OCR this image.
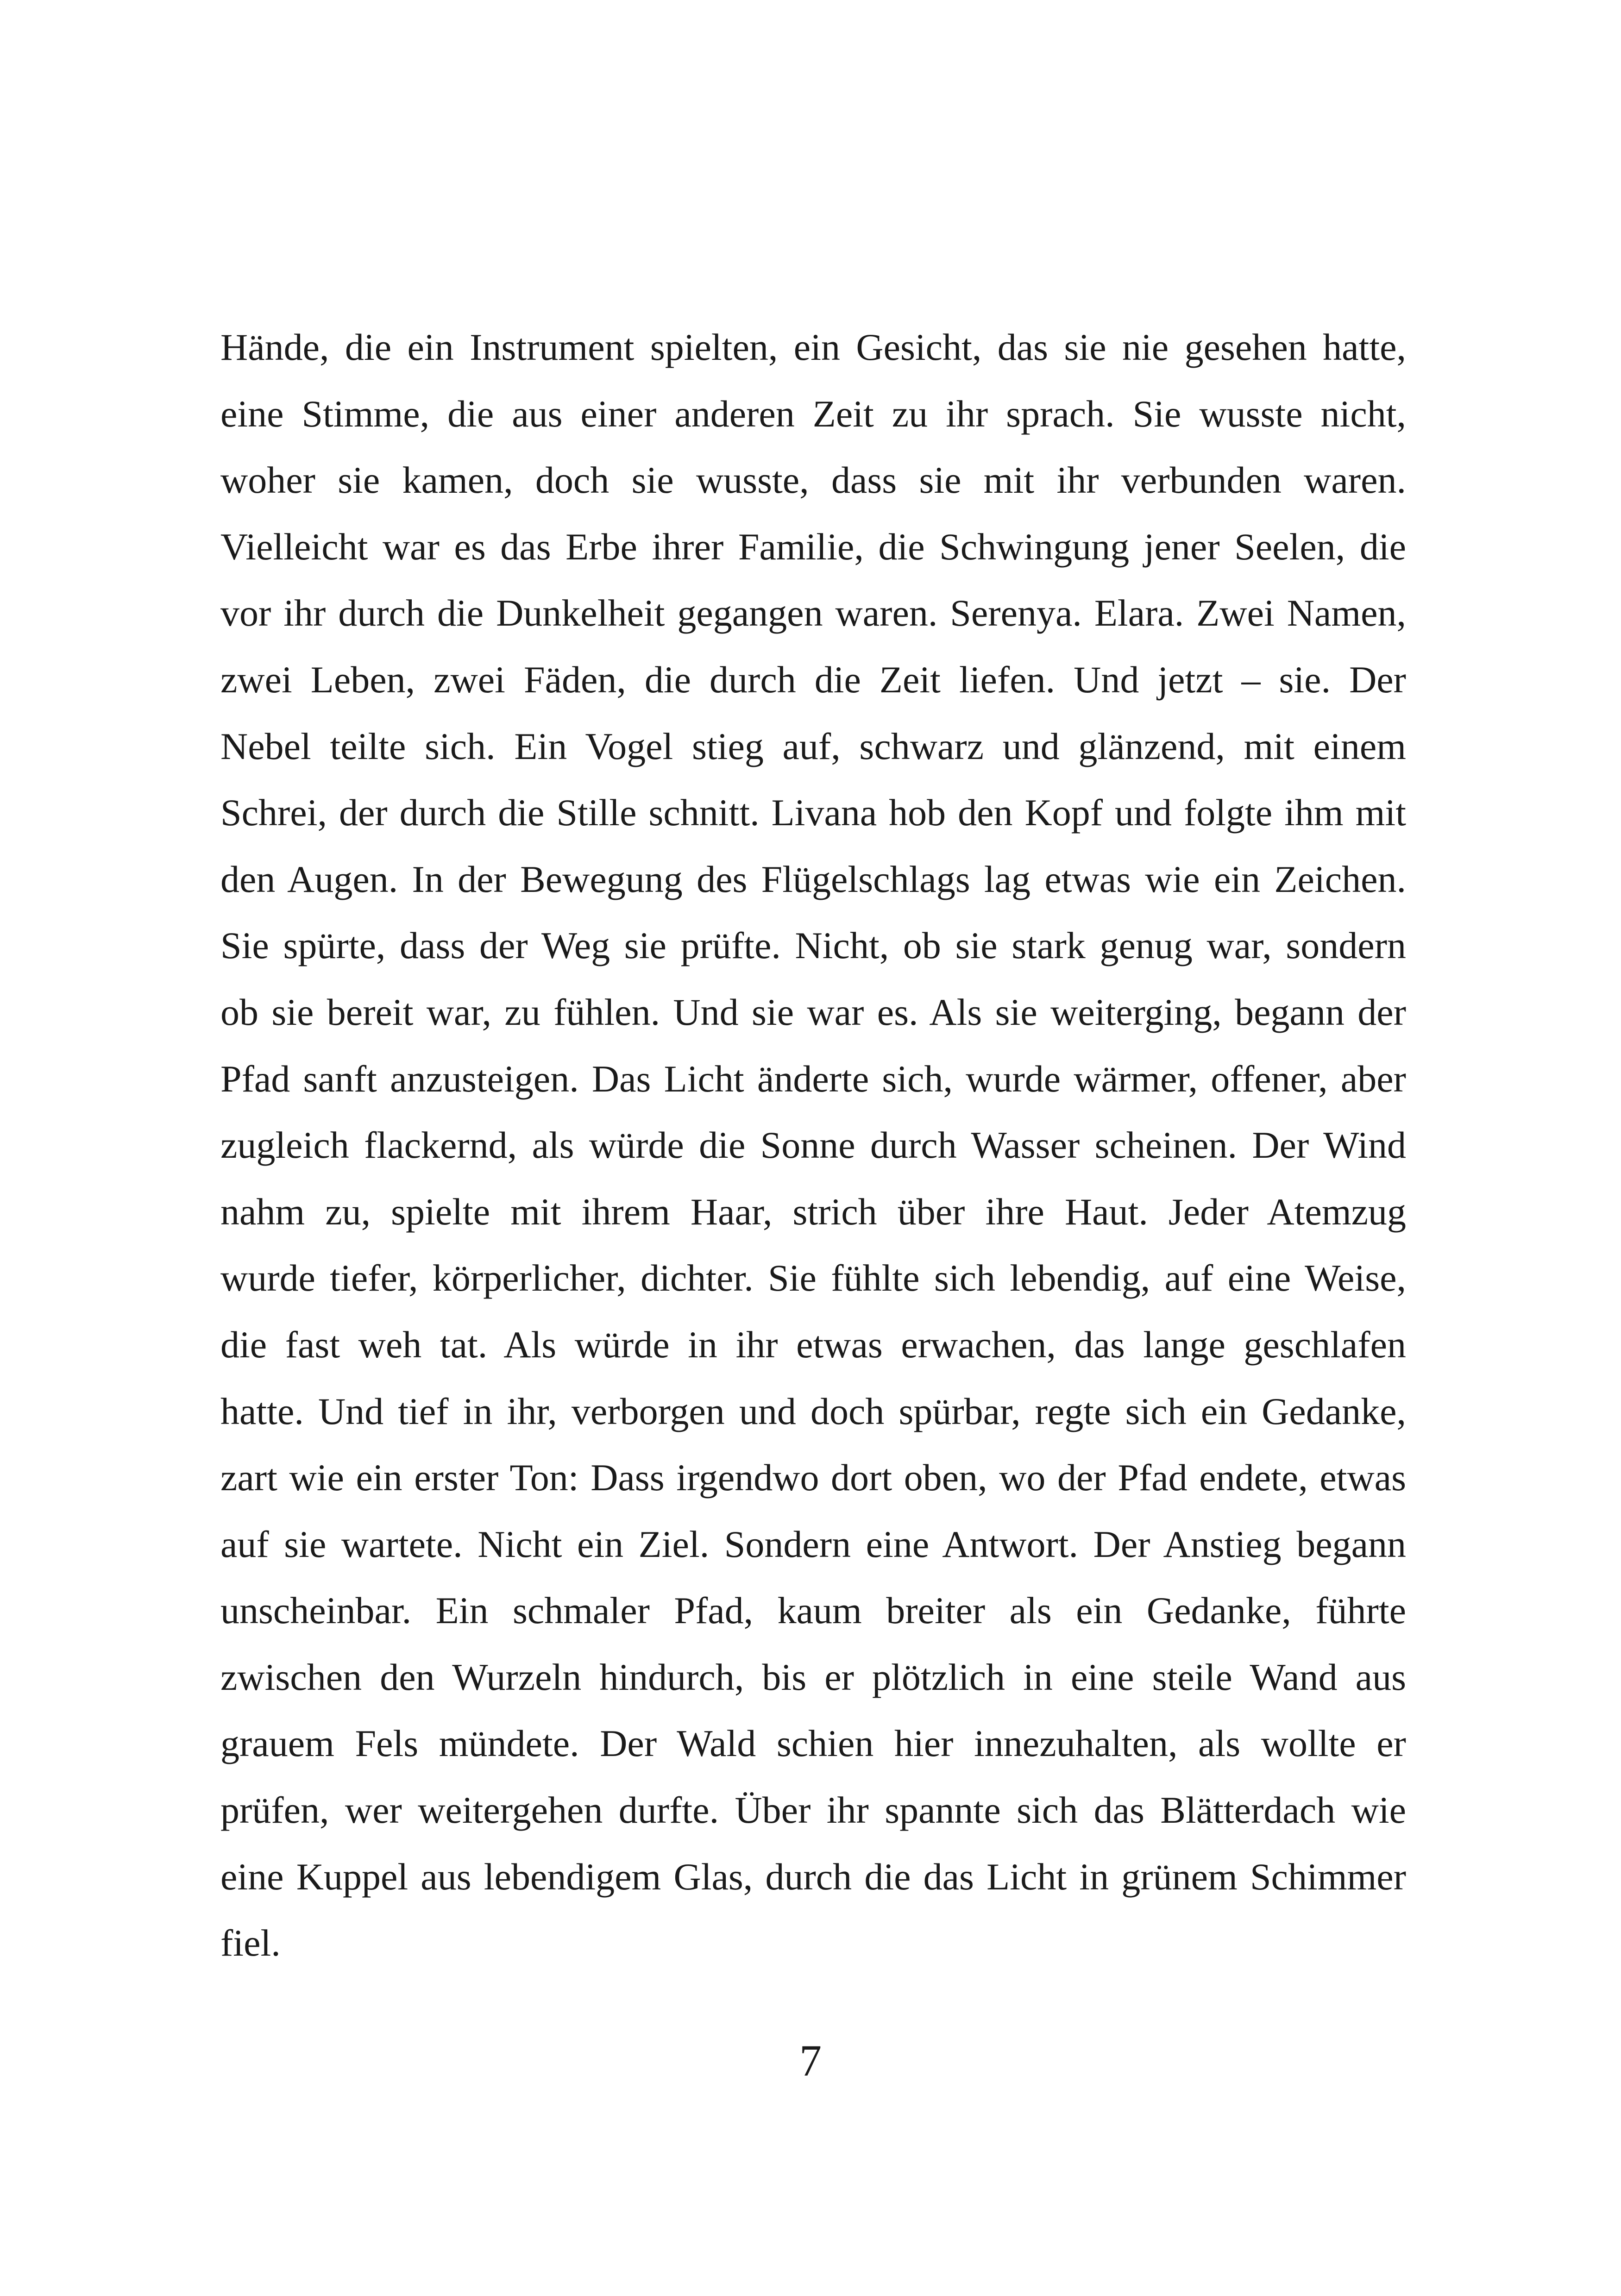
Hände, die ein Instrument spielten, ein Gesicht, das sie nie gesehen hatte,
eine Stimme, die aus einer anderen Zeit zu ihr sprach. Sie wusste nicht,
woher sie kamen, doch sie wusste, dass sie mit ihr verbunden waren.
Vielleicht war es das Erbe ihrer Familie, die Schwingung jener Seelen, die
vor ihr durch die Dunkelheit gegangen waren. Serenya. Elara. Zwei Namen,
zwei Leben, zwei Fäden, die durch die Zeit liefen. Und jetzt – sie. Der
Nebel teilte sich. Ein Vogel stieg auf, schwarz und glänzend, mit einem
Schrei, der durch die Stille schnitt. Livana hob den Kopf und folgte ihm mit
den Augen. In der Bewegung des Flügelschlags lag etwas wie ein Zeichen.
Sie spürte, dass der Weg sie prüfte. Nicht, ob sie stark genug war, sondern
ob sie bereit war, zu fühlen. Und sie war es. Als sie weiterging, begann der
Pfad sanft anzusteigen. Das Licht änderte sich, wurde wärmer, offener, aber
zugleich flackernd, als würde die Sonne durch Wasser scheinen. Der Wind
nahm zu, spielte mit ihrem Haar, strich über ihre Haut. Jeder Atemzug
wurde tiefer, körperlicher, dichter. Sie fühlte sich lebendig, auf eine Weise,
die fast weh tat. Als würde in ihr etwas erwachen, das lange geschlafen
hatte. Und tief in ihr, verborgen und doch spürbar, regte sich ein Gedanke,
zart wie ein erster Ton: Dass irgendwo dort oben, wo der Pfad endete, etwas
auf sie wartete. Nicht ein Ziel. Sondern eine Antwort. Der Anstieg begann
unscheinbar. Ein schmaler Pfad, kaum breiter als ein Gedanke, führte
zwischen den Wurzeln hindurch, bis er plötzlich in eine steile Wand aus
grauem Fels mündete. Der Wald schien hier innezuhalten, als wollte er
prüfen, wer weitergehen durfte. Über ihr spannte sich das Blätterdach wie
eine Kuppel aus lebendigem Glas, durch die das Licht in grünem Schimmer
fiel.

7
